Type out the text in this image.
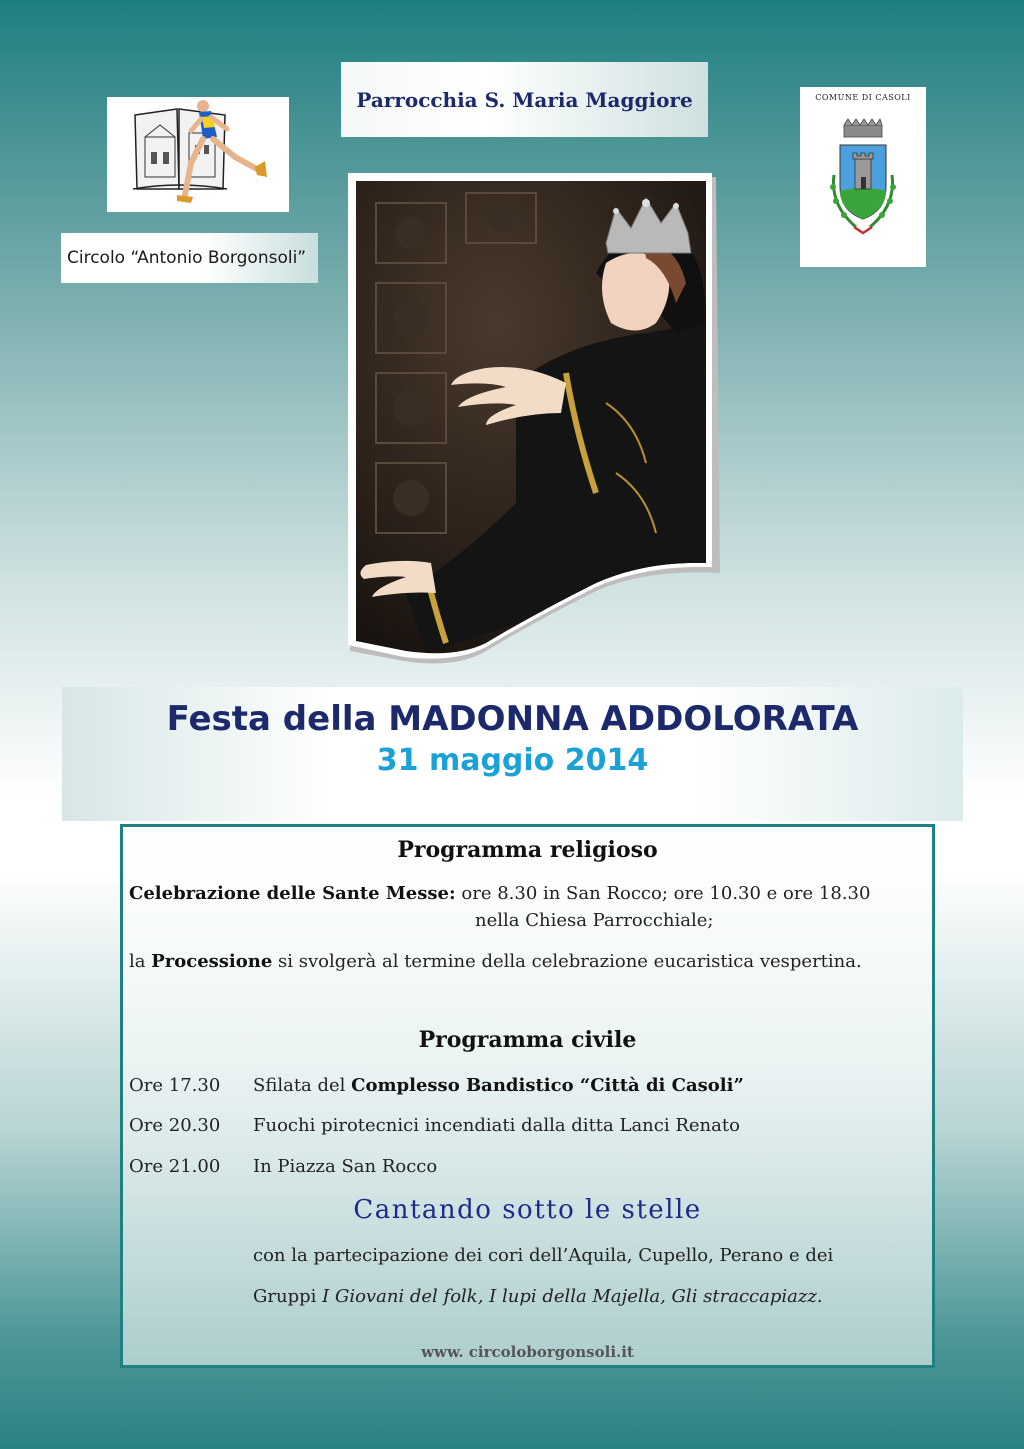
Circolo “Antonio Borgonsoli”
Parrocchia S. Maria Maggiore	COMUNE DI CASOLI
Festa della MADONNA ADDOLORATA
31 maggio 2014
Programma religioso
Celebrazione delle Sante Messe: ore 8.30 in San Rocco; ore 10.30 e ore 18.30
nella Chiesa Parrocchiale;
la Processione si svolgerà al termine della celebrazione eucaristica vespertina.
Programma civile
Ore 17.30 Sfilata del Complesso Bandistico “Città di Casoli”
Ore 20.30 Fuochi pirotecnici incendiati dalla ditta Lanci Renato
Ore 21.00 In Piazza San Rocco
Cantando sotto le stelle
con la partecipazione dei cori dell’Aquila, Cupello, Perano e dei
Gruppi I Giovani del folk, I lupi della Majella, Gli straccapiazz.
www. circoloborgonsoli.it
